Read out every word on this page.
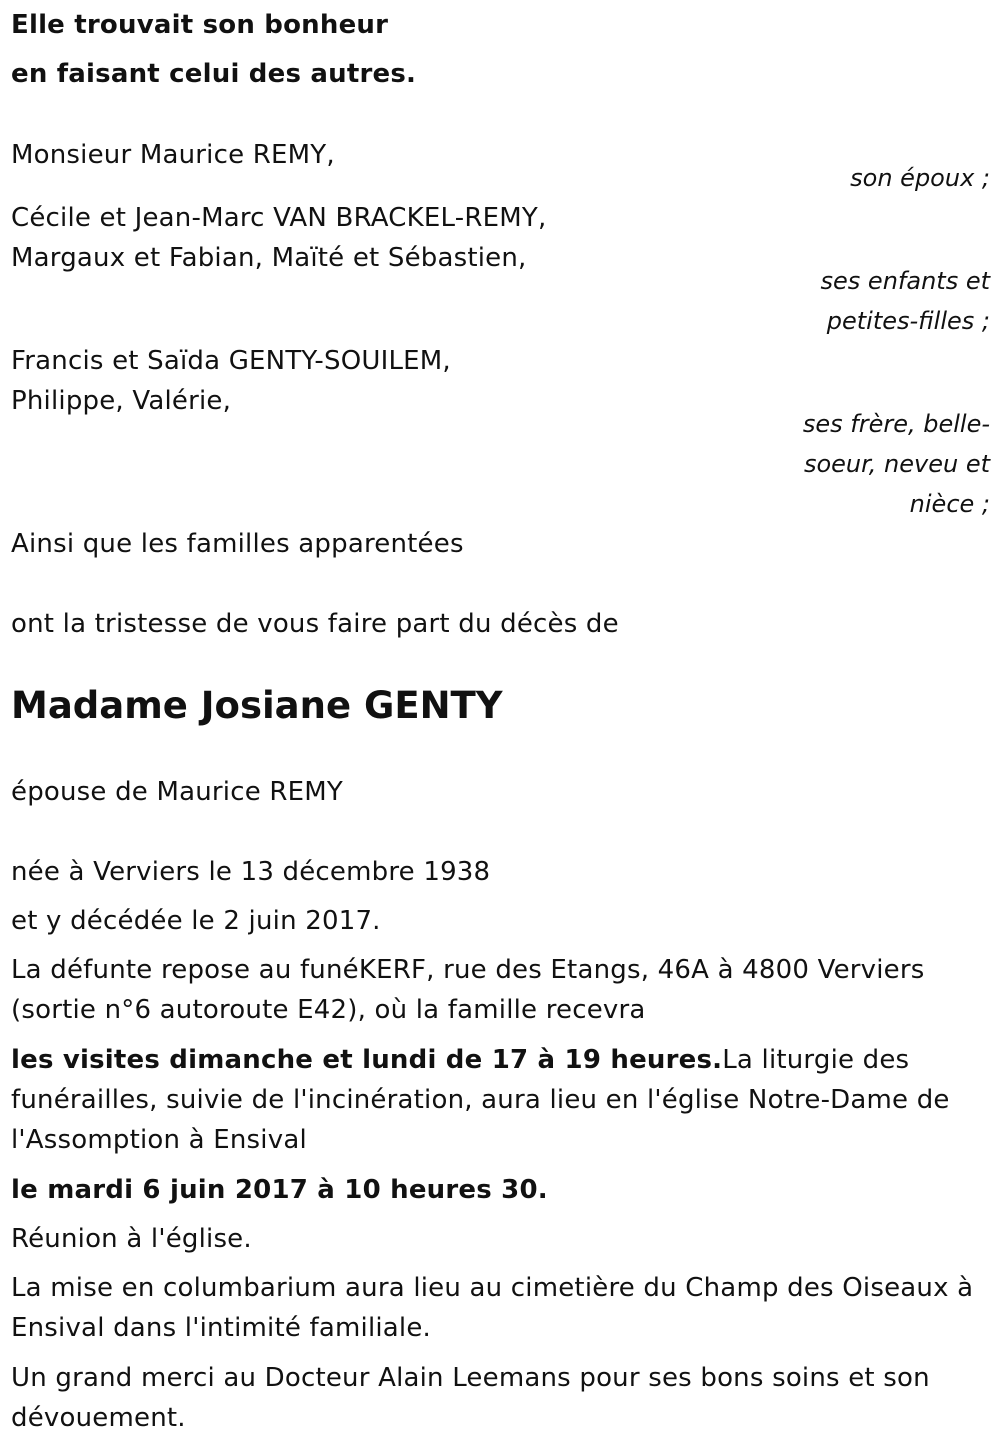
Elle trouvait son bonheur
en faisant celui des autres.
Monsieur Maurice REMY,
son époux ;
Cécile et Jean-Marc VAN BRACKEL-REMY,
Margaux et Fabian, Maïté et Sébastien,
ses enfants et
petites-filles ;
Francis et Saïda GENTY-SOUILEM,
Philippe, Valérie,
ses frère, belle-
soeur, neveu et
nièce ;
Ainsi que les familles apparentées
ont la tristesse de vous faire part du décès de
Madame Josiane GENTY
épouse de Maurice REMY
née à Verviers le 13 décembre 1938
et y décédée le 2 juin 2017.
La défunte repose au funéKERF, rue des Etangs, 46A à 4800 Verviers
(sortie n°6 autoroute E42), où la famille recevra
les visites dimanche et lundi de 17 à 19 heures.La liturgie des
funérailles, suivie de l'incinération, aura lieu en l'église Notre-Dame de
l'Assomption à Ensival
le mardi 6 juin 2017 à 10 heures 30.
Réunion à l'église.
La mise en columbarium aura lieu au cimetière du Champ des Oiseaux à
Ensival dans l'intimité familiale.
Un grand merci au Docteur Alain Leemans pour ses bons soins et son
dévouement.
